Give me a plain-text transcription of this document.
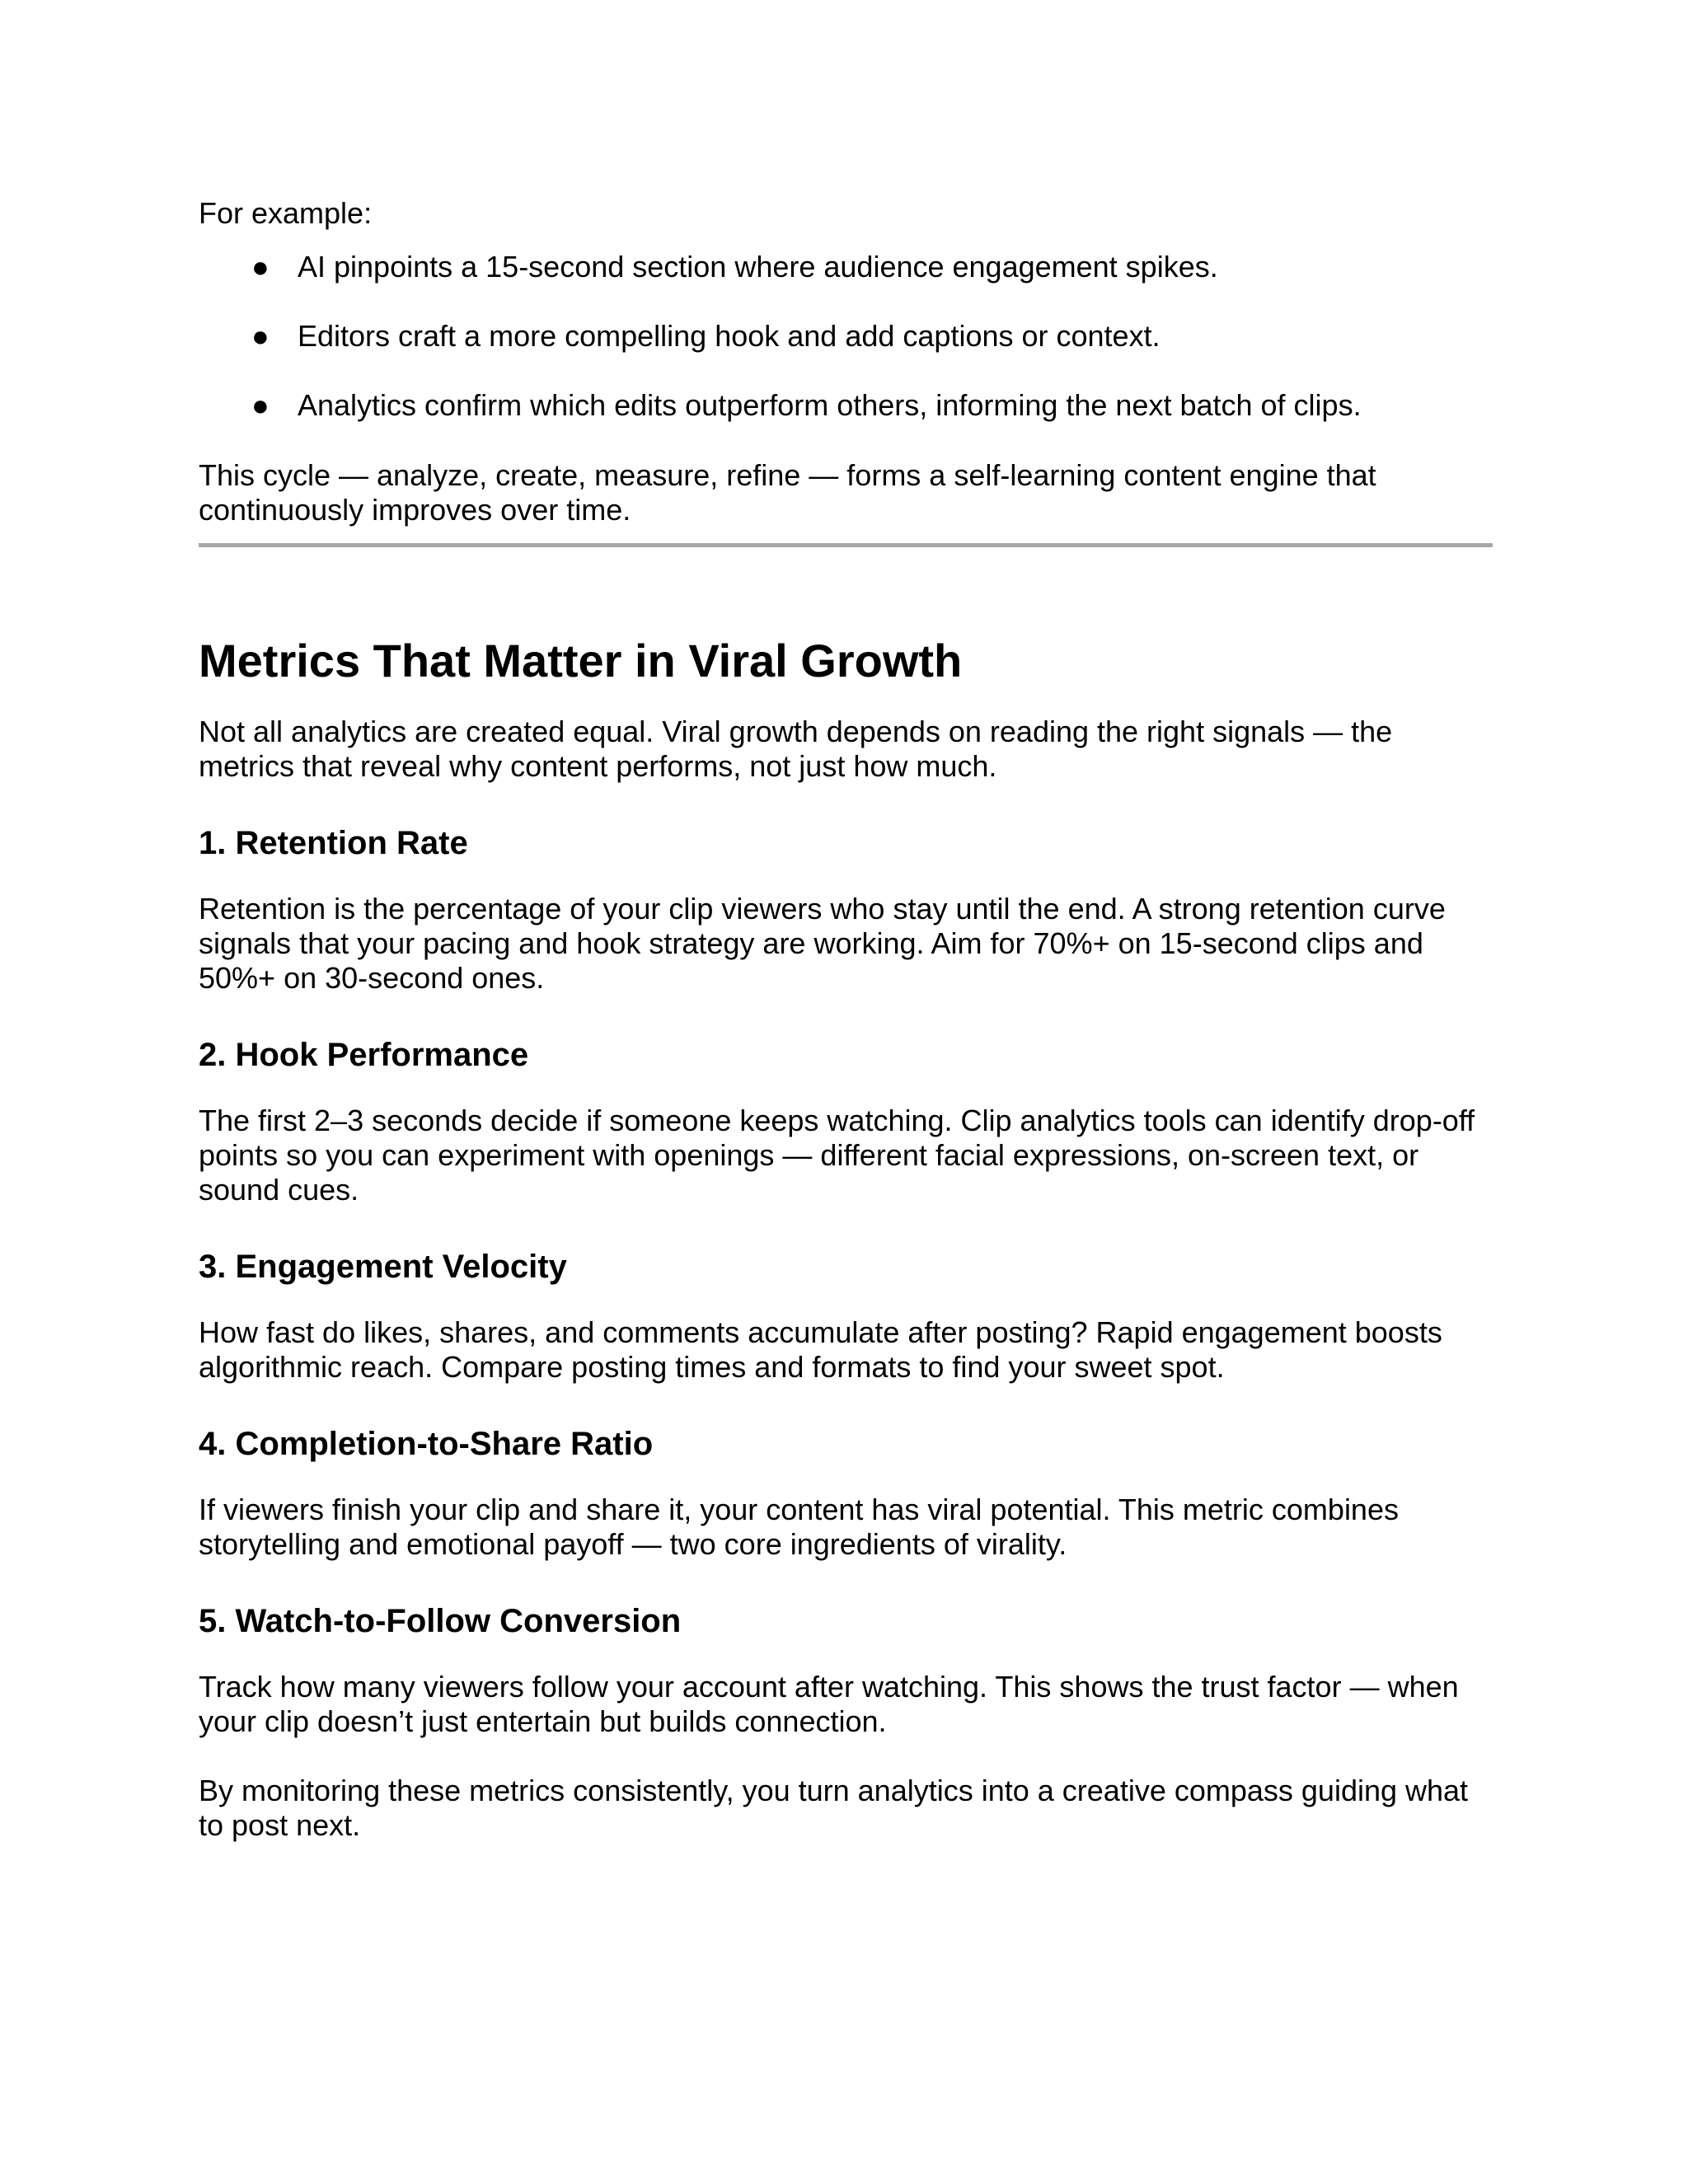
For example:

● AI pinpoints a 15-second section where audience engagement spikes.
● Editors craft a more compelling hook and add captions or context.
● Analytics confirm which edits outperform others, informing the next batch of clips.

This cycle — analyze, create, measure, refine — forms a self-learning content engine that continuously improves over time.

Metrics That Matter in Viral Growth

Not all analytics are created equal. Viral growth depends on reading the right signals — the metrics that reveal why content performs, not just how much.

1. Retention Rate

Retention is the percentage of your clip viewers who stay until the end. A strong retention curve signals that your pacing and hook strategy are working. Aim for 70%+ on 15-second clips and 50%+ on 30-second ones.

2. Hook Performance

The first 2–3 seconds decide if someone keeps watching. Clip analytics tools can identify drop-off points so you can experiment with openings — different facial expressions, on-screen text, or sound cues.

3. Engagement Velocity

How fast do likes, shares, and comments accumulate after posting? Rapid engagement boosts algorithmic reach. Compare posting times and formats to find your sweet spot.

4. Completion-to-Share Ratio

If viewers finish your clip and share it, your content has viral potential. This metric combines storytelling and emotional payoff — two core ingredients of virality.

5. Watch-to-Follow Conversion

Track how many viewers follow your account after watching. This shows the trust factor — when your clip doesn’t just entertain but builds connection.

By monitoring these metrics consistently, you turn analytics into a creative compass guiding what to post next.
